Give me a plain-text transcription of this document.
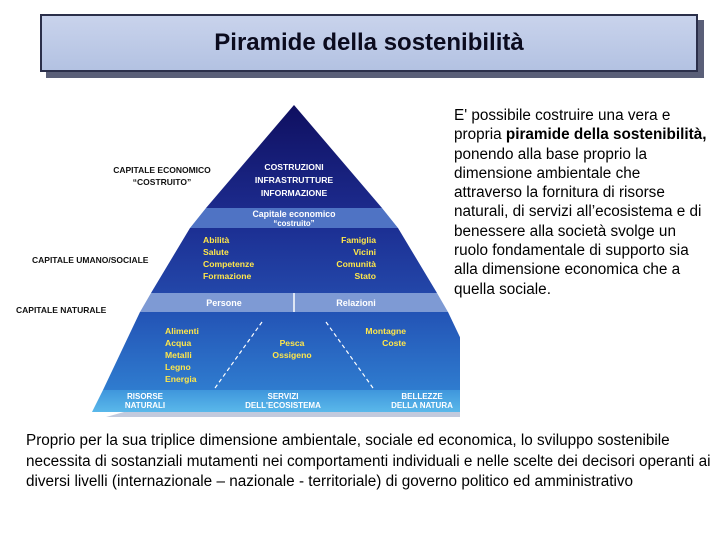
Piramide della sostenibilità
CAPITALE ECONOMICO
“COSTRUITO”
CAPITALE UMANO/SOCIALE
CAPITALE NATURALE
COSTRUZIONI
INFRASTRUTTURE
INFORMAZIONE
Capitale economico
“costruito”
Abilità
Salute
Competenze
Formazione
Famiglia
Vicini
Comunità
Stato
Persone	Relazioni
Alimenti
Acqua
Metalli
Legno
Energia
Pesca
Ossigeno
Montagne
Coste
RISORSE
NATURALI
SERVIZI
DELL'ECOSISTEMA
BELLEZZE
DELLA NATURA
E' possibile costruire una vera e propria piramide della sostenibilità, ponendo alla base proprio la dimensione ambientale che attraverso la fornitura di risorse naturali, di servizi all’ecosistema e di benessere alla società svolge un ruolo fondamentale di supporto sia alla dimensione economica che a quella sociale.
Proprio per la sua triplice dimensione ambientale, sociale ed economica, lo sviluppo sostenibile necessita di sostanziali mutamenti nei comportamenti individuali e nelle scelte dei decisori operanti ai diversi livelli (internazionale – nazionale - territoriale) di governo politico ed amministrativo
